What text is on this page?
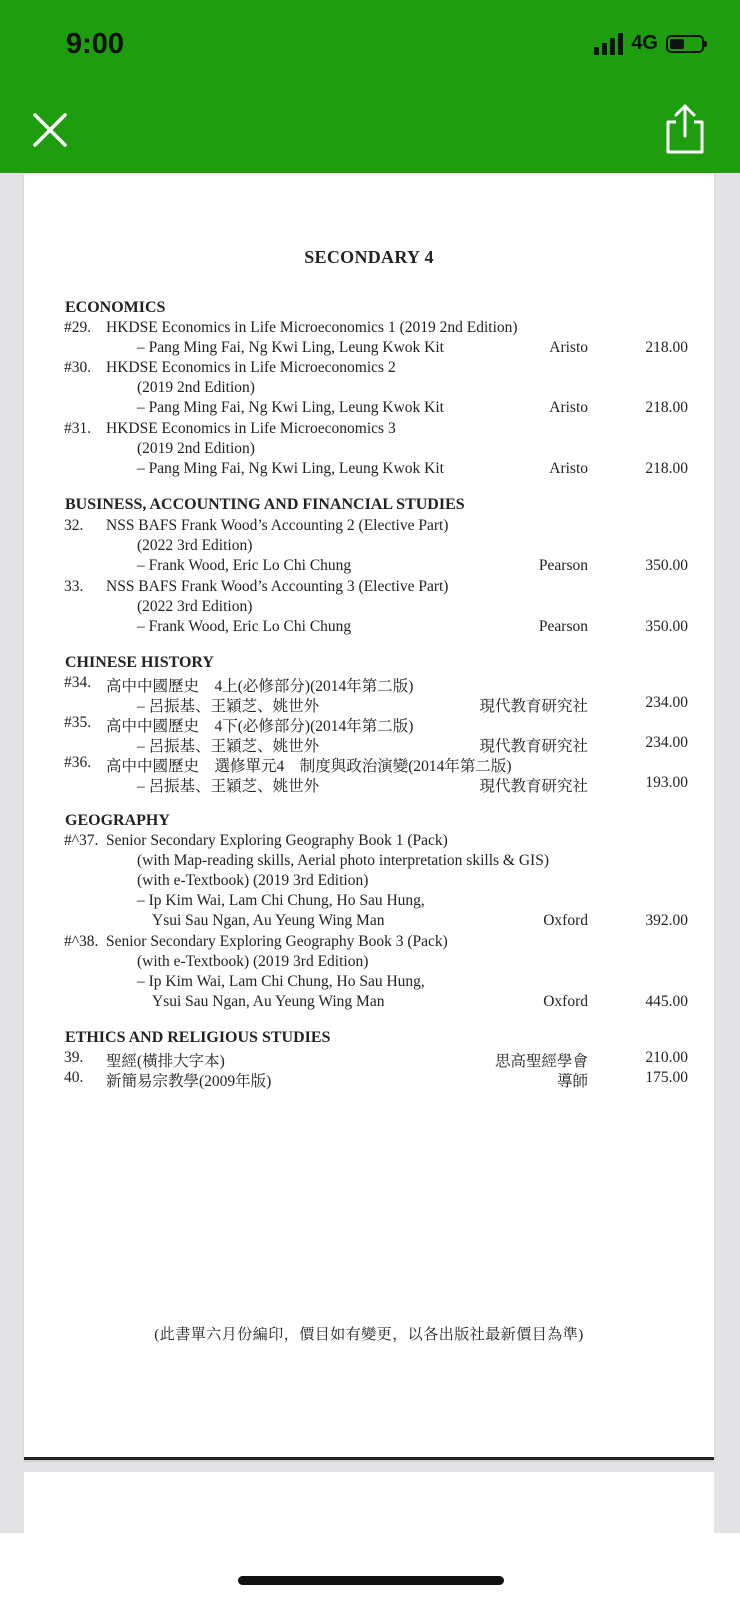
9:00	4G
SECONDARY 4
ECONOMICS
#29. HKDSE Economics in Life Microeconomics 1 (2019 2nd Edition)
– Pang Ming Fai, Ng Kwi Ling, Leung Kwok Kit	Aristo	218.00
#30. HKDSE Economics in Life Microeconomics 2
(2019 2nd Edition)
– Pang Ming Fai, Ng Kwi Ling, Leung Kwok Kit	Aristo	218.00
#31. HKDSE Economics in Life Microeconomics 3
(2019 2nd Edition)
– Pang Ming Fai, Ng Kwi Ling, Leung Kwok Kit	Aristo	218.00
BUSINESS, ACCOUNTING AND FINANCIAL STUDIES
32. NSS BAFS Frank Wood’s Accounting 2 (Elective Part)
(2022 3rd Edition)
– Frank Wood, Eric Lo Chi Chung	Pearson	350.00
33. NSS BAFS Frank Wood’s Accounting 3 (Elective Part)
(2022 3rd Edition)
– Frank Wood, Eric Lo Chi Chung	Pearson	350.00
CHINESE HISTORY
#34. 高中中國歷史　4上(必修部分)(2014年第二版)
– 呂振基、王穎芝、姚世外	現代教育研究社	234.00
#35. 高中中國歷史　4下(必修部分)(2014年第二版)
– 呂振基、王穎芝、姚世外	現代教育研究社	234.00
#36. 高中中國歷史　選修單元4　制度與政治演變(2014年第二版)
– 呂振基、王穎芝、姚世外	現代教育研究社	193.00
GEOGRAPHY
#^37. Senior Secondary Exploring Geography Book 1 (Pack)
(with Map-reading skills, Aerial photo interpretation skills & GIS)
(with e-Textbook) (2019 3rd Edition)
– Ip Kim Wai, Lam Chi Chung, Ho Sau Hung,
Ysui Sau Ngan, Au Yeung Wing Man	Oxford	392.00
#^38. Senior Secondary Exploring Geography Book 3 (Pack)
(with e-Textbook) (2019 3rd Edition)
– Ip Kim Wai, Lam Chi Chung, Ho Sau Hung,
Ysui Sau Ngan, Au Yeung Wing Man	Oxford	445.00
ETHICS AND RELIGIOUS STUDIES
39. 聖經(橫排大字本)	思高聖經學會	210.00
40. 新簡易宗教學(2009年版)	導師	175.00
(此書單六月份編印，價目如有變更，以各出版社最新價目為準)
